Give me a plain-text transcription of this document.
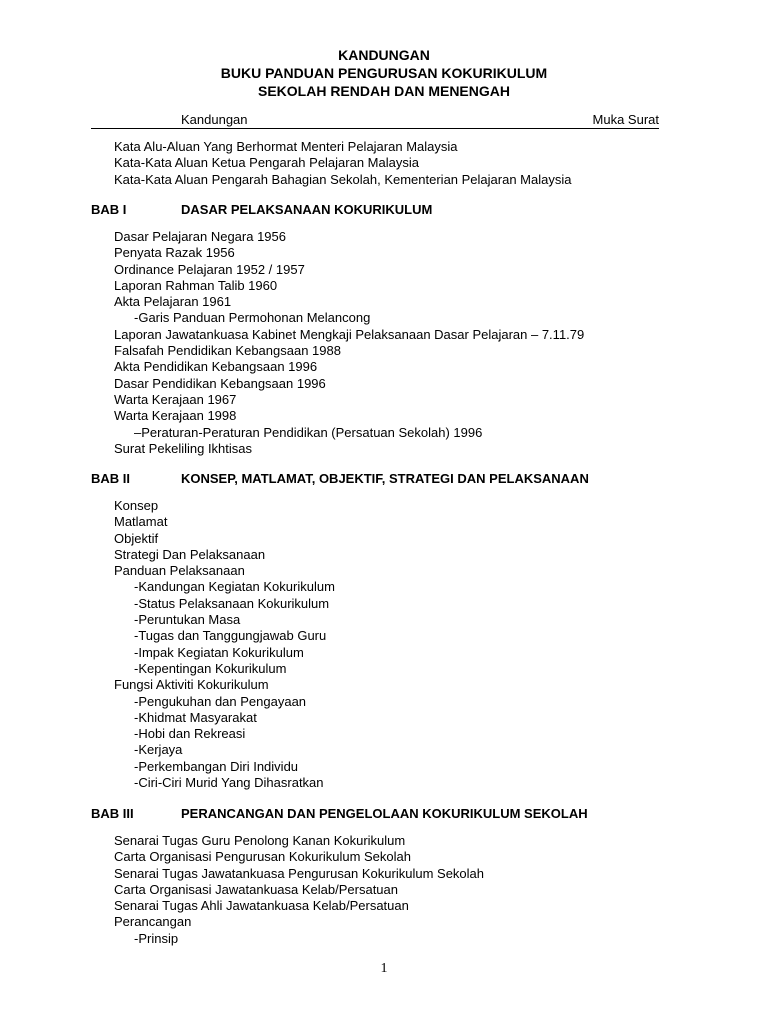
KANDUNGAN
BUKU PANDUAN PENGURUSAN KOKURIKULUM
SEKOLAH RENDAH DAN MENENGAH
Kandungan	Muka Surat
Kata Alu-Aluan Yang Berhormat Menteri Pelajaran Malaysia
Kata-Kata Aluan Ketua Pengarah Pelajaran Malaysia
Kata-Kata Aluan Pengarah Bahagian Sekolah, Kementerian Pelajaran Malaysia
BAB I	DASAR PELAKSANAAN KOKURIKULUM
Dasar Pelajaran Negara 1956
Penyata Razak 1956
Ordinance Pelajaran 1952 / 1957
Laporan Rahman Talib 1960
Akta Pelajaran 1961
-Garis Panduan Permohonan Melancong
Laporan Jawatankuasa Kabinet Mengkaji Pelaksanaan Dasar Pelajaran – 7.11.79
Falsafah Pendidikan Kebangsaan 1988
Akta Pendidikan Kebangsaan 1996
Dasar Pendidikan Kebangsaan 1996
Warta Kerajaan 1967
Warta Kerajaan 1998
–Peraturan-Peraturan Pendidikan (Persatuan Sekolah) 1996
Surat Pekeliling Ikhtisas
BAB II	KONSEP, MATLAMAT, OBJEKTIF, STRATEGI DAN PELAKSANAAN
Konsep
Matlamat
Objektif
Strategi Dan Pelaksanaan
Panduan Pelaksanaan
-Kandungan Kegiatan Kokurikulum
-Status Pelaksanaan Kokurikulum
-Peruntukan Masa
-Tugas dan Tanggungjawab Guru
-Impak Kegiatan Kokurikulum
-Kepentingan Kokurikulum
Fungsi Aktiviti Kokurikulum
-Pengukuhan dan Pengayaan
-Khidmat Masyarakat
-Hobi dan Rekreasi
-Kerjaya
-Perkembangan Diri Individu
-Ciri-Ciri Murid Yang Dihasratkan
BAB III	PERANCANGAN DAN PENGELOLAAN KOKURIKULUM SEKOLAH
Senarai Tugas Guru Penolong Kanan Kokurikulum
Carta Organisasi Pengurusan Kokurikulum Sekolah
Senarai Tugas Jawatankuasa Pengurusan Kokurikulum Sekolah
Carta Organisasi Jawatankuasa Kelab/Persatuan
Senarai Tugas Ahli Jawatankuasa Kelab/Persatuan
Perancangan
-Prinsip
1
